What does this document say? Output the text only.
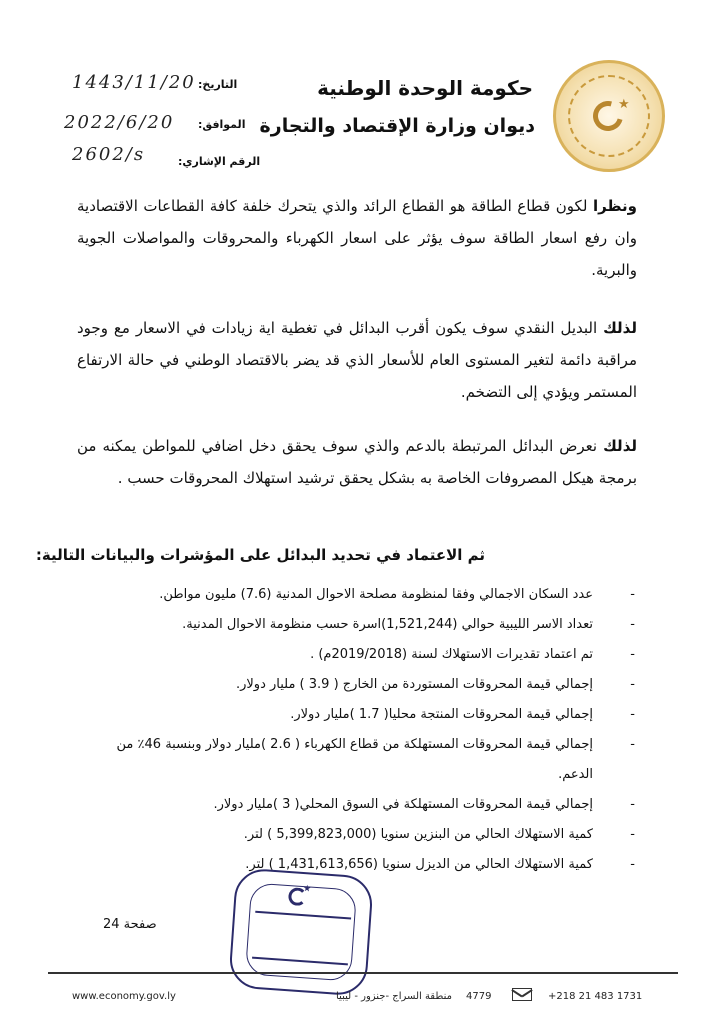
★
حكومة الوحدة الوطنية
ديوان وزارة الإقتصاد والتجارة
التاريخ:
1443/11/20
الموافق:
2022/6/20
الرقم الإشاري:
2602/s
ونظرا لكون قطاع الطاقة هو القطاع الرائد والذي يتحرك خلفة كافة القطاعات الاقتصادية وان رفع اسعار الطاقة سوف يؤثر على اسعار الكهرباء والمحروقات والمواصلات الجوية والبرية.
لذلك البديل النقدي سوف يكون أقرب البدائل في تغطية اية زيادات في الاسعار مع وجود مراقبة دائمة لتغير المستوى العام للأسعار الذي قد يضر بالاقتصاد الوطني في حالة الارتفاع المستمر ويؤدي إلى التضخم.
لذلك نعرض البدائل المرتبطة بالدعم والذي سوف يحقق دخل اضافي للمواطن يمكنه من برمجة هيكل المصروفات الخاصة به بشكل يحقق ترشيد استهلاك المحروقات حسب .
ثم الاعتماد في تحديد البدائل على المؤشرات والبيانات التالية:
-
عدد السكان الاجمالي وفقا لمنظومة مصلحة الاحوال المدنية (7.6) مليون مواطن.
-
تعداد الاسر الليبية حوالي (1,521,244)اسرة حسب منظومة الاحوال المدنية.
-
تم اعتماد تقديرات الاستهلاك لسنة (2019/2018م) .
-
إجمالي قيمة المحروقات المستوردة من الخارج ( 3.9 ) مليار دولار.
-
إجمالي قيمة المحروقات المنتجة محليا( 1.7 )مليار دولار.
-
إجمالي قيمة المحروقات المستهلكة من قطاع الكهرباء ( 2.6 )مليار دولار وبنسبة 46٪ من الدعم.
-
إجمالي قيمة المحروقات المستهلكة في السوق المحلي( 3 )مليار دولار.
-
كمية الاستهلاك الحالي من البنزين سنويا (5,399,823,000 ) لتر.
-
كمية الاستهلاك الحالي من الديزل سنويا (1,431,613,656 ) لتر.
صفحة 24
★
www.economy.gov.ly	منطقة السراج -جنزور - ليبيا 4779	+218 21 483 1731
